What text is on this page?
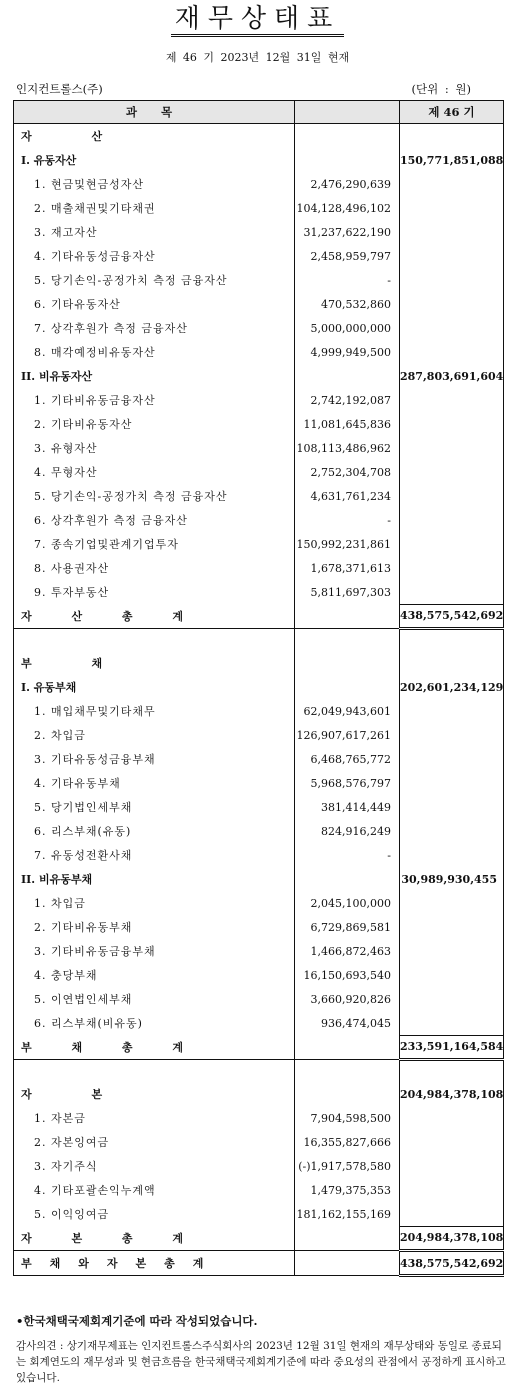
재무상태표
제 46 기 2023년 12월 31일 현재
인지컨트롤스(주)	(단위 : 원)
과 목		제 46 기
자 산		
I. 유동자산		150,771,851,088
1. 현금및현금성자산	2,476,290,639	
2. 매출채권및기타채권	104,128,496,102	
3. 재고자산	31,237,622,190	
4. 기타유동성금융자산	2,458,959,797	
5. 당기손익-공정가치 측정 금융자산	-	
6. 기타유동자산	470,532,860	
7. 상각후원가 측정 금융자산	5,000,000,000	
8. 매각예정비유동자산	4,999,949,500	
II. 비유동자산		287,803,691,604
1. 기타비유동금융자산	2,742,192,087	
2. 기타비유동자산	11,081,645,836	
3. 유형자산	108,113,486,962	
4. 무형자산	2,752,304,708	
5. 당기손익-공정가치 측정 금융자산	4,631,761,234	
6. 상각후원가 측정 금융자산	-	
7. 종속기업및관계기업투자	150,992,231,861	
8. 사용권자산	1,678,371,613	
9. 투자부동산	5,811,697,303	
자 산 총 계		438,575,542,692

부 채		
I. 유동부채		202,601,234,129
1. 매입채무및기타채무	62,049,943,601	
2. 차입금	126,907,617,261	
3. 기타유동성금융부채	6,468,765,772	
4. 기타유동부채	5,968,576,797	
5. 당기법인세부채	381,414,449	
6. 리스부채(유동)	824,916,249	
7. 유동성전환사채	-	
II. 비유동부채		30,989,930,455
1. 차입금	2,045,100,000	
2. 기타비유동부채	6,729,869,581	
3. 기타비유동금융부채	1,466,872,463	
4. 충당부채	16,150,693,540	
5. 이연법인세부채	3,660,920,826	
6. 리스부채(비유동)	936,474,045	
부 채 총 계		233,591,164,584

자 본		204,984,378,108
1. 자본금	7,904,598,500	
2. 자본잉여금	16,355,827,666	
3. 자기주식	(-)1,917,578,580	
4. 기타포괄손익누계액	1,479,375,353	
5. 이익잉여금	181,162,155,169	
자 본 총 계		204,984,378,108
부채와자본총계		438,575,542,692
•한국채택국제회계기준에 따라 작성되었습니다.
감사의견 : 상기재무제표는 인지컨트롤스주식회사의 2023년 12월 31일 현재의 재무상태와 동일로 종료되는 회계연도의 재무성과 및 현금흐름을 한국채택국제회계기준에 따라 중요성의 관점에서 공정하게 표시하고 있습니다.
